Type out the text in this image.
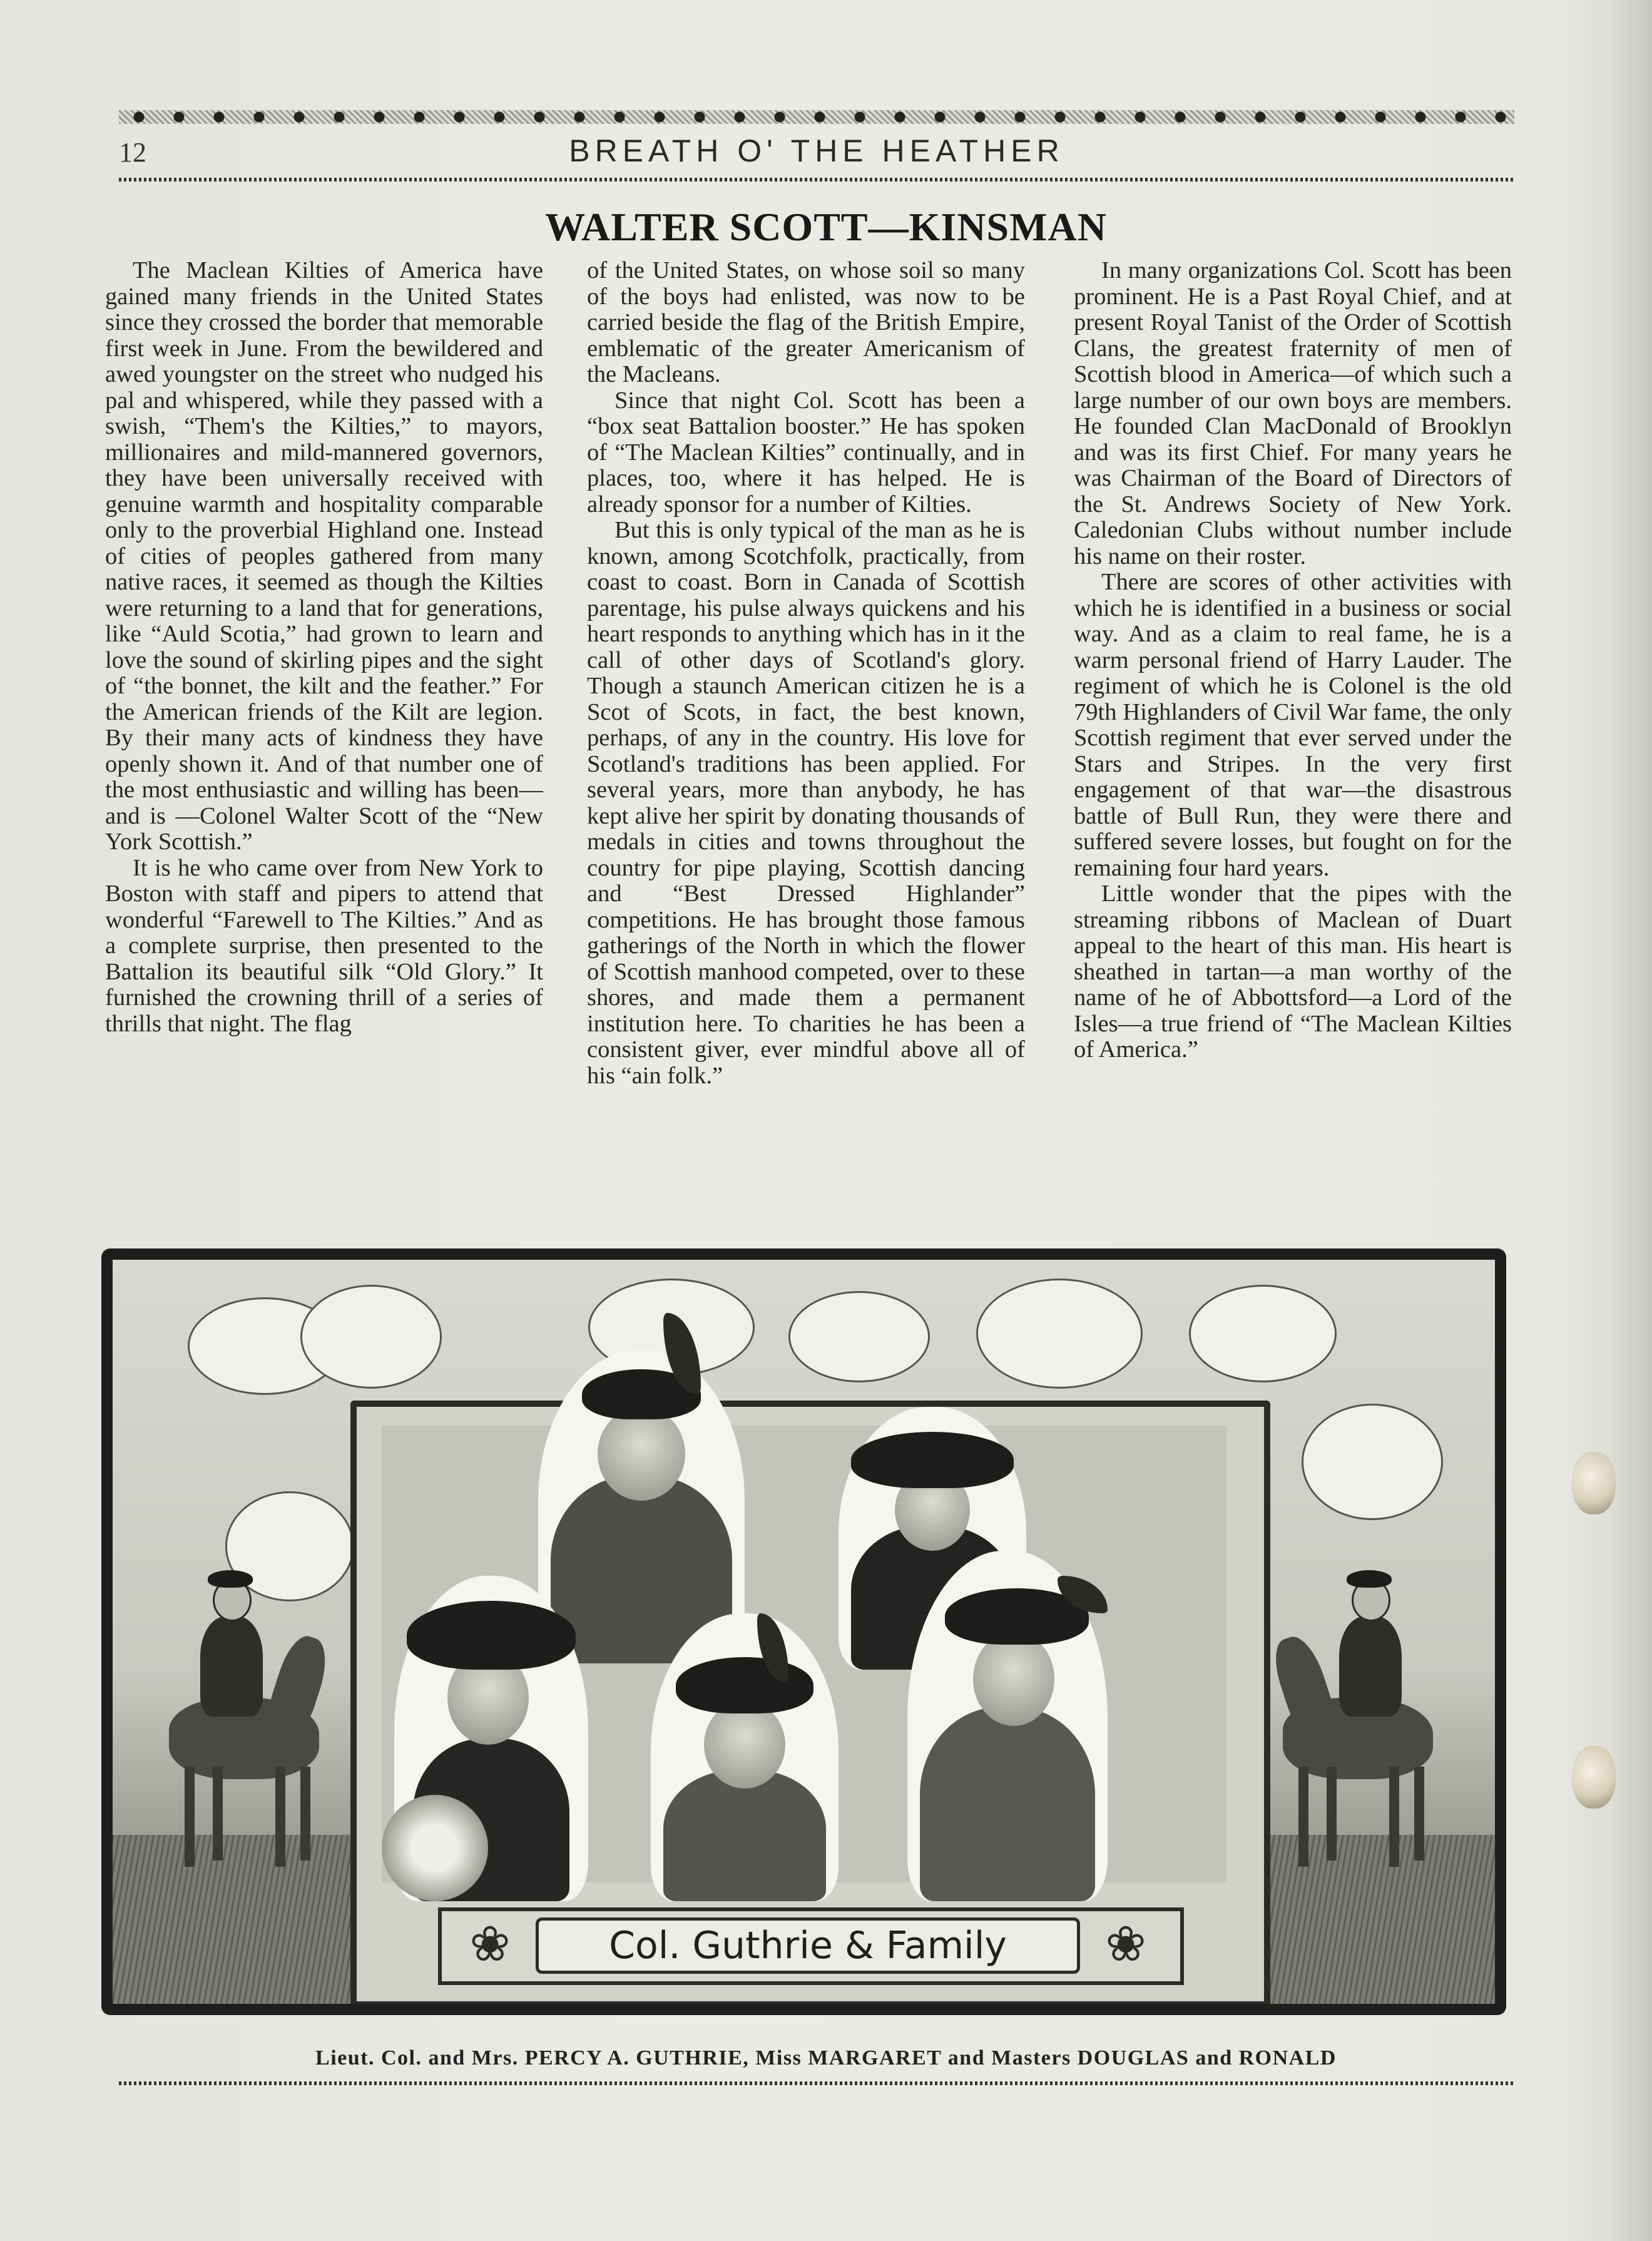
12	BREATH O' THE HEATHER
WALTER SCOTT—KINSMAN

The Maclean Kilties of America have gained many friends in the United States since they crossed the border that memorable first week in June. From the bewildered and awed youngster on the street who nudged his pal and whispered, while they passed with a swish, “Them's the Kilties,” to mayors, millionaires and mild-mannered governors, they have been universally received with genuine warmth and hospitality comparable only to the proverbial Highland one. Instead of cities of peoples gathered from many native races, it seemed as though the Kilties were returning to a land that for generations, like “Auld Scotia,” had grown to learn and love the sound of skirling pipes and the sight of “the bonnet, the kilt and the feather.” For the American friends of the Kilt are legion. By their many acts of kindness they have openly shown it. And of that number one of the most enthusiastic and willing has been—and is —Colonel Walter Scott of the “New York Scottish.”

It is he who came over from New York to Boston with staff and pipers to attend that wonderful “Farewell to The Kilties.” And as a complete surprise, then presented to the Battalion its beautiful silk “Old Glory.” It furnished the crowning thrill of a series of thrills that night. The flag

of the United States, on whose soil so many of the boys had enlisted, was now to be carried beside the flag of the British Empire, emblematic of the greater Americanism of the Macleans.

Since that night Col. Scott has been a “box seat Battalion booster.” He has spoken of “The Maclean Kilties” continually, and in places, too, where it has helped. He is already sponsor for a number of Kilties.

But this is only typical of the man as he is known, among Scotchfolk, practically, from coast to coast. Born in Canada of Scottish parentage, his pulse always quickens and his heart responds to anything which has in it the call of other days of Scotland's glory. Though a staunch American citizen he is a Scot of Scots, in fact, the best known, perhaps, of any in the country. His love for Scotland's traditions has been applied. For several years, more than anybody, he has kept alive her spirit by donating thousands of medals in cities and towns throughout the country for pipe playing, Scottish dancing and “Best Dressed Highlander” competitions. He has brought those famous gatherings of the North in which the flower of Scottish manhood competed, over to these shores, and made them a permanent institution here. To charities he has been a consistent giver, ever mindful above all of his “ain folk.”

In many organizations Col. Scott has been prominent. He is a Past Royal Chief, and at present Royal Tanist of the Order of Scottish Clans, the greatest fraternity of men of Scottish blood in America—of which such a large number of our own boys are members. He founded Clan MacDonald of Brooklyn and was its first Chief. For many years he was Chairman of the Board of Directors of the St. Andrews Society of New York. Caledonian Clubs without number include his name on their roster.

There are scores of other activities with which he is identified in a business or social way. And as a claim to real fame, he is a warm personal friend of Harry Lauder. The regiment of which he is Colonel is the old 79th Highlanders of Civil War fame, the only Scottish regiment that ever served under the Stars and Stripes. In the very first engagement of that war—the disastrous battle of Bull Run, they were there and suffered severe losses, but fought on for the remaining four hard years.

Little wonder that the pipes with the streaming ribbons of Maclean of Duart appeal to the heart of this man. His heart is sheathed in tartan—a man worthy of the name of he of Abbottsford—a Lord of the Isles—a true friend of “The Maclean Kilties of America.”

❀	Col. Guthrie & Family	❀
Lieut. Col. and Mrs. PERCY A. GUTHRIE, Miss MARGARET and Masters DOUGLAS and RONALD
